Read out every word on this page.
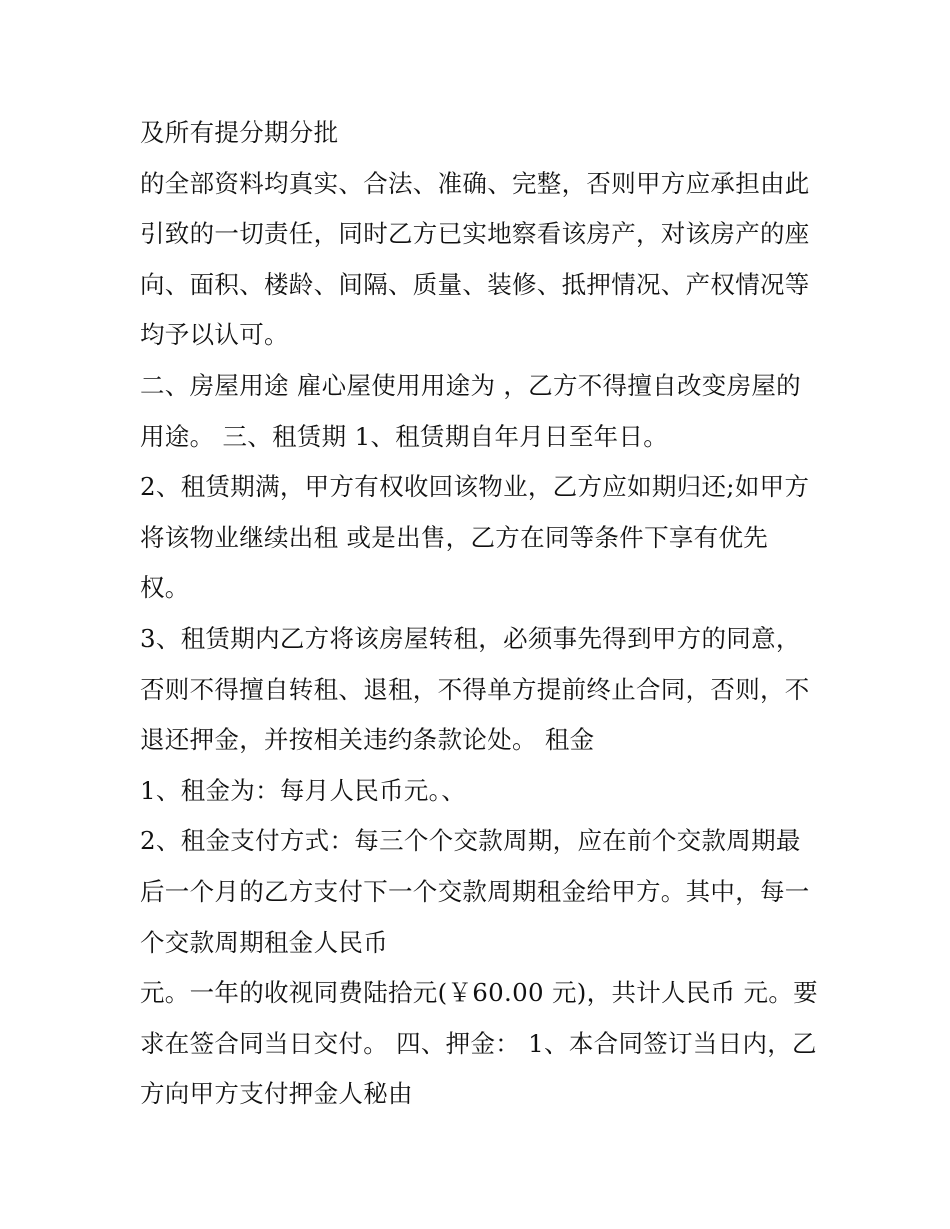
及所有提分期分批
的全部资料均真实、合法、准确、完整，否则甲方应承担由此
引致的一切责任，同时乙方已实地察看该房产，对该房产的座
向、面积、楼龄、间隔、质量、装修、抵押情况、产权情况等
均予以认可。
二、房屋用途 雇心屋使用用途为 ，乙方不得擅自改变房屋的
用途。 三、租赁期 1、租赁期自年月日至年日。
2、租赁期满，甲方有权收回该物业，乙方应如期归还;如甲方
将该物业继续出租 或是出售，乙方在同等条件下享有优先
权。
3、租赁期内乙方将该房屋转租，必须事先得到甲方的同意，
否则不得擅自转租、退租，不得单方提前终止合同，否则，不
退还押金，并按相关违约条款论处。 租金
1、租金为：每月人民币元。、
2、租金支付方式：每三个个交款周期，应在前个交款周期最
后一个月的乙方支付下一个交款周期租金给甲方。其中，每一
个交款周期租金人民币
元。一年的收视同费陆拾元(￥60.00 元)，共计人民币 元。要
求在签合同当日交付。 四、押金： 1、本合同签订当日内，乙
方向甲方支付押金人秘由
